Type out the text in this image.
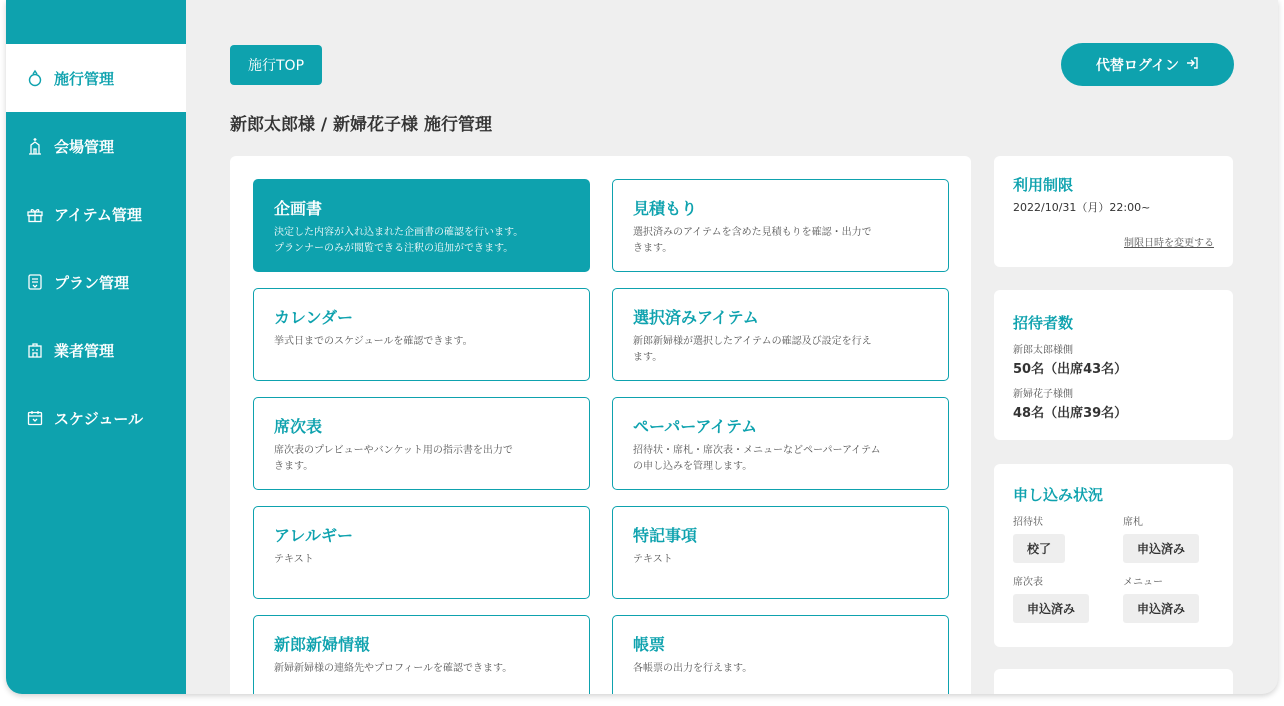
施行管理
会場管理
アイテム管理
プラン管理
業者管理
スケジュール
施行TOP	代替ログイン
新郎太郎様 / 新婦花子様 施行管理
企画書
決定した内容が入れ込まれた企画書の確認を行います。
プランナーのみが閲覧できる注釈の追加ができます。
見積もり
選択済みのアイテムを含めた見積もりを確認・出力で
きます。
カレンダー
挙式日までのスケジュールを確認できます。
選択済みアイテム
新郎新婦様が選択したアイテムの確認及び設定を行え
ます。
席次表
席次表のプレビューやバンケット用の指示書を出力で
きます。
ペーパーアイテム
招待状・席札・席次表・メニューなどペーパーアイテム
の申し込みを管理します。
アレルギー
テキスト
特記事項
テキスト
新郎新婦情報
新婦新婦様の連絡先やプロフィールを確認できます。
帳票
各帳票の出力を行えます。
利用制限
2022/10/31（月）22:00~
制限日時を変更する
招待者数
新郎太郎様側
50名（出席43名）
新婦花子様側
48名（出席39名）
申し込み状況
招待状
校了
席札
申込済み
席次表
申込済み
メニュー
申込済み
